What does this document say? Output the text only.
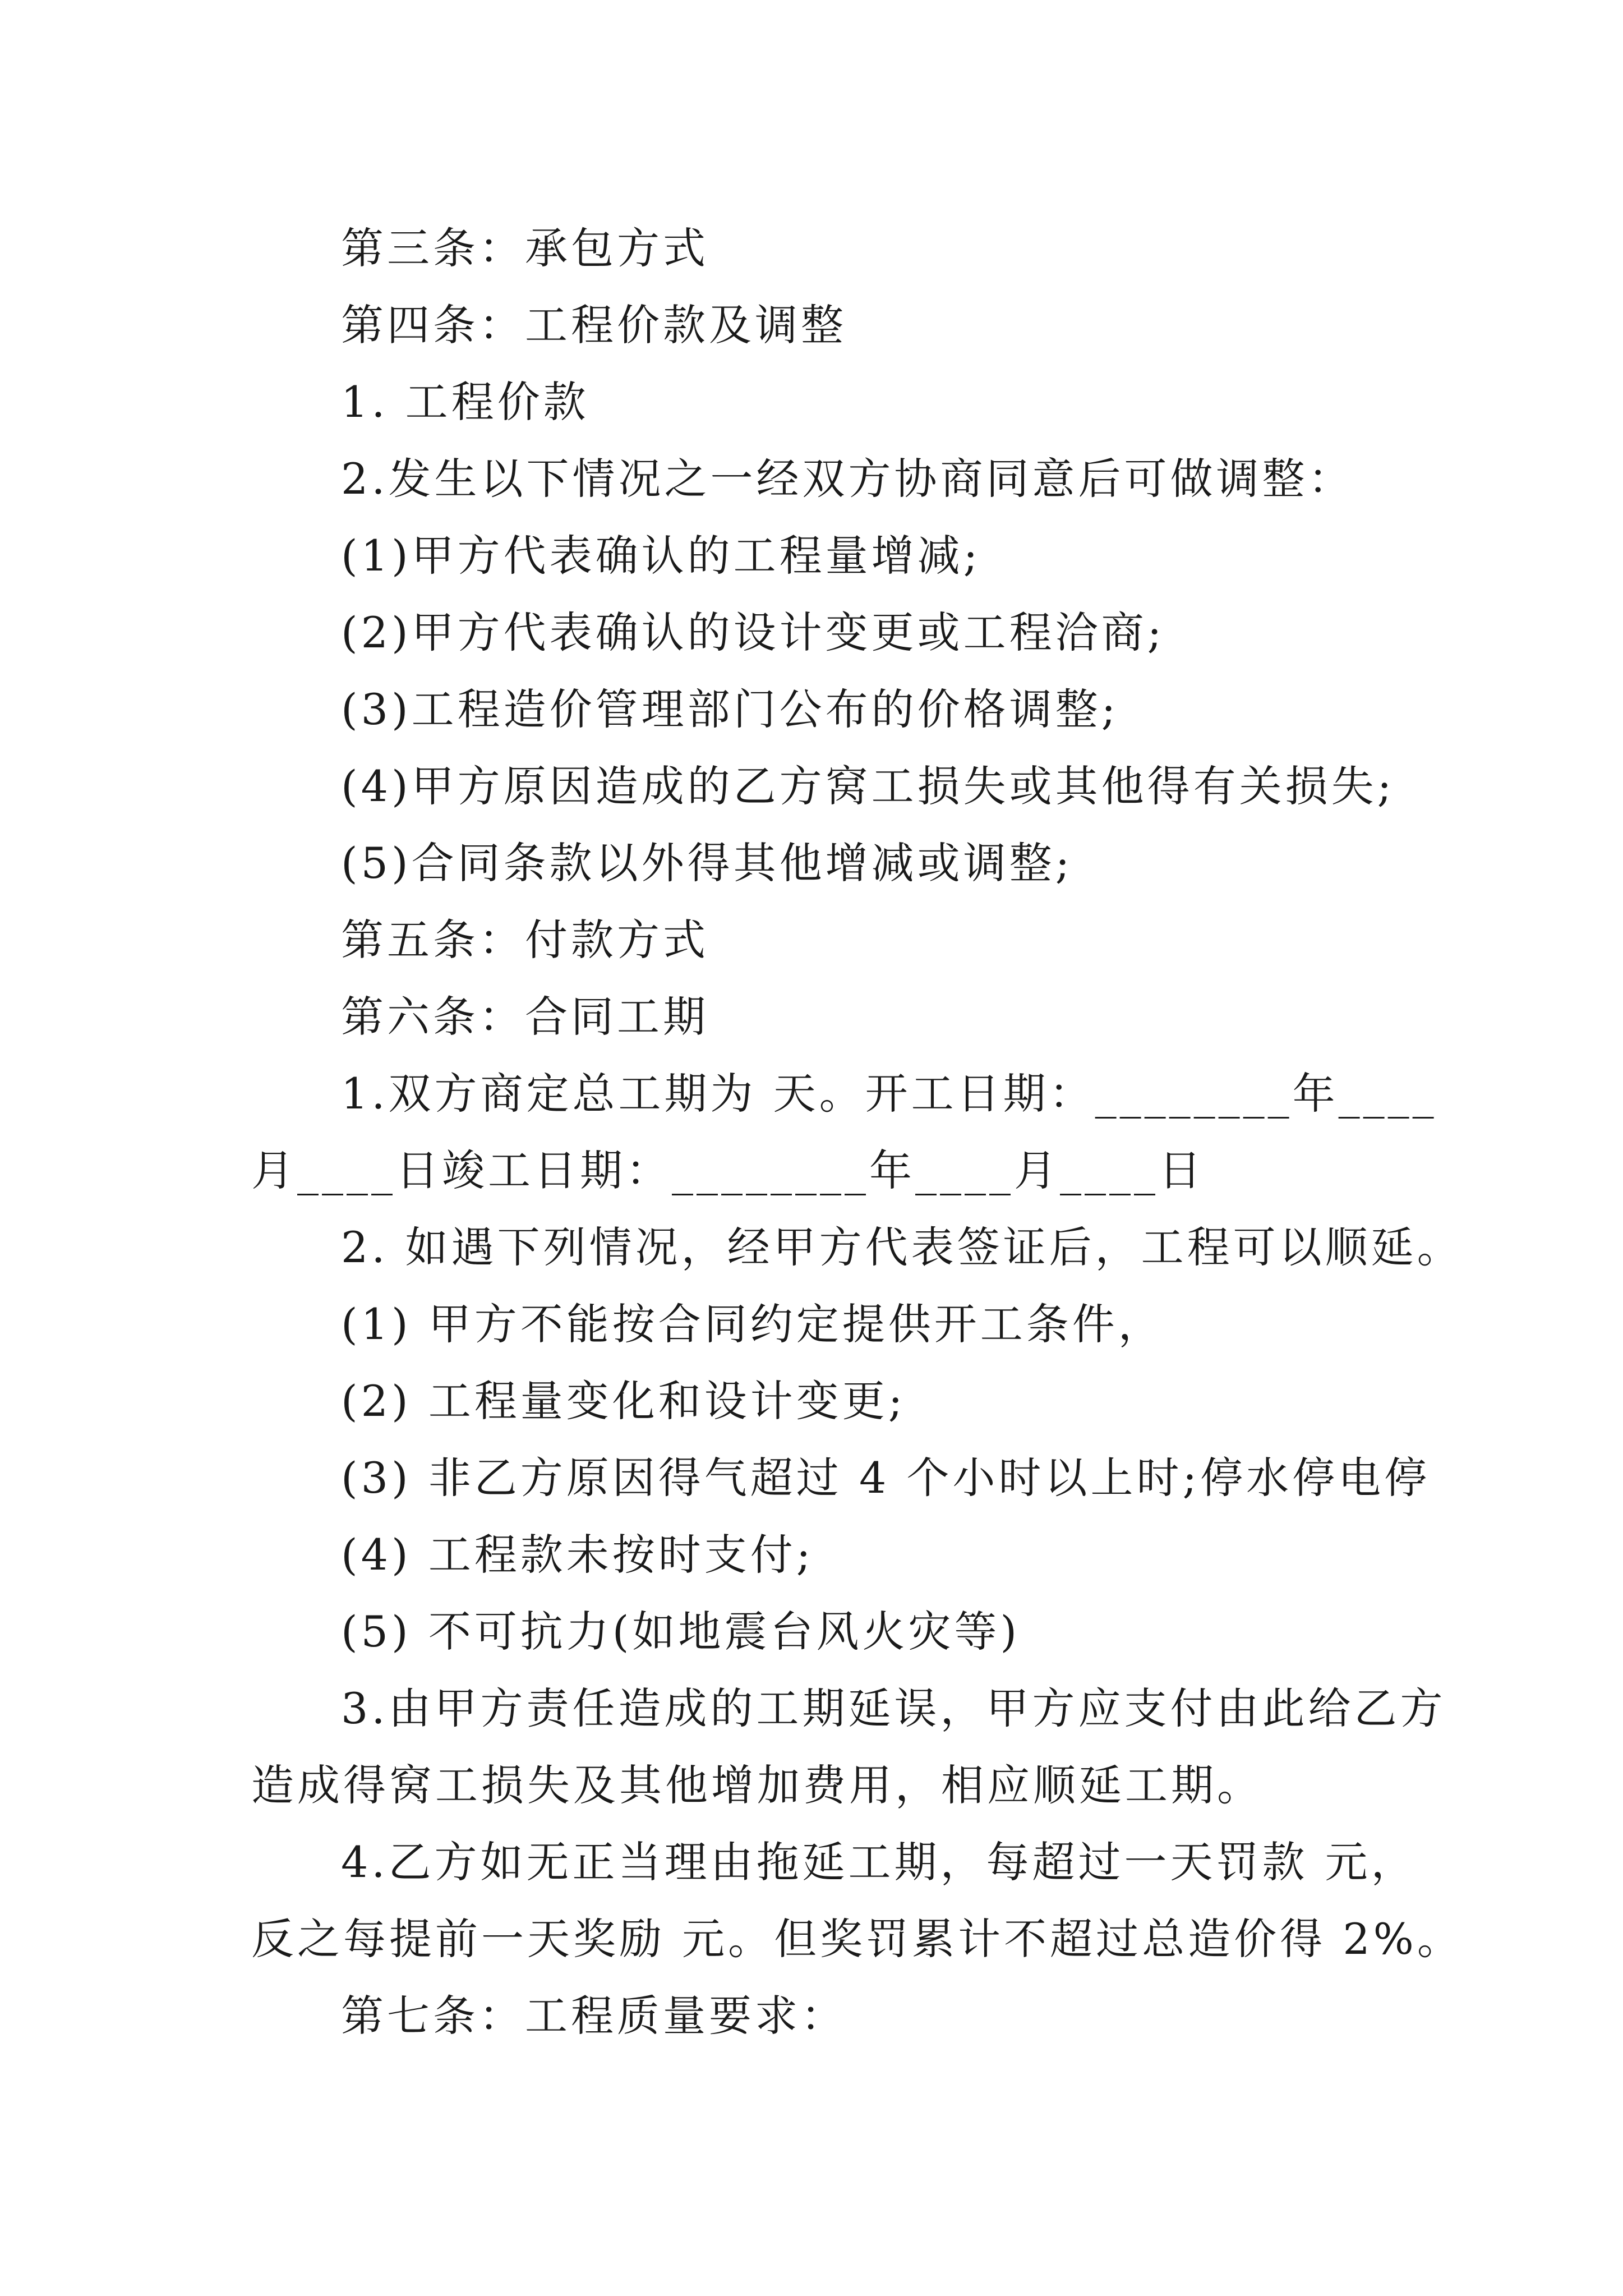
第三条：承包方式
第四条：工程价款及调整
1. 工程价款
2.发生以下情况之一经双方协商同意后可做调整：
(1)甲方代表确认的工程量增减;
(2)甲方代表确认的设计变更或工程洽商;
(3)工程造价管理部门公布的价格调整;
(4)甲方原因造成的乙方窝工损失或其他得有关损失;
(5)合同条款以外得其他增减或调整;
第五条：付款方式
第六条：合同工期
1.双方商定总工期为 天。开工日期：________年____
月____日竣工日期：________年____月____日
2. 如遇下列情况，经甲方代表签证后，工程可以顺延。
(1) 甲方不能按合同约定提供开工条件，
(2) 工程量变化和设计变更;
(3) 非乙方原因得气超过 4 个小时以上时;停水停电停
(4) 工程款未按时支付;
(5) 不可抗力(如地震台风火灾等)
3.由甲方责任造成的工期延误，甲方应支付由此给乙方
造成得窝工损失及其他增加费用，相应顺延工期。
4.乙方如无正当理由拖延工期，每超过一天罚款 元，
反之每提前一天奖励 元。但奖罚累计不超过总造价得 2%。
第七条：工程质量要求：
